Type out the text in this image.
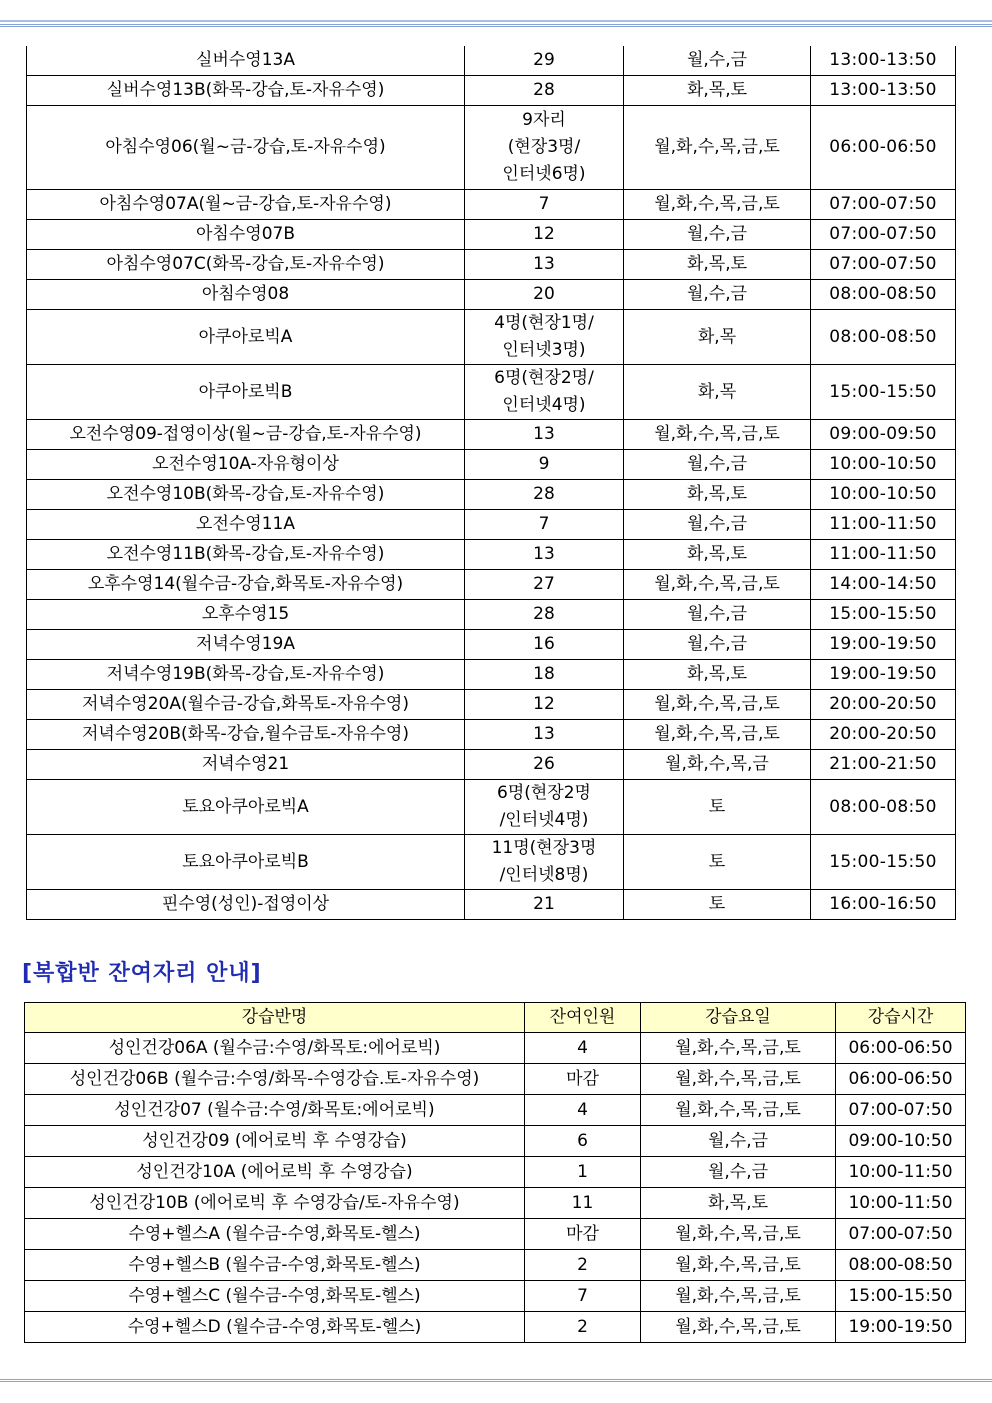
실버수영13A	29	월,수,금	13:00-13:50
실버수영13B(화목-강습,토-자유수영)	28	화,목,토	13:00-13:50
아침수영06(월~금-강습,토-자유수영)	9자리
(현장3명/
인터넷6명)	월,화,수,목,금,토	06:00-06:50
아침수영07A(월~금-강습,토-자유수영)	7	월,화,수,목,금,토	07:00-07:50
아침수영07B	12	월,수,금	07:00-07:50
아침수영07C(화목-강습,토-자유수영)	13	화,목,토	07:00-07:50
아침수영08	20	월,수,금	08:00-08:50
아쿠아로빅A	4명(현장1명/
인터넷3명)	화,목	08:00-08:50
아쿠아로빅B	6명(현장2명/
인터넷4명)	화,목	15:00-15:50
오전수영09-접영이상(월~금-강습,토-자유수영)	13	월,화,수,목,금,토	09:00-09:50
오전수영10A-자유형이상	9	월,수,금	10:00-10:50
오전수영10B(화목-강습,토-자유수영)	28	화,목,토	10:00-10:50
오전수영11A	7	월,수,금	11:00-11:50
오전수영11B(화목-강습,토-자유수영)	13	화,목,토	11:00-11:50
오후수영14(월수금-강습,화목토-자유수영)	27	월,화,수,목,금,토	14:00-14:50
오후수영15	28	월,수,금	15:00-15:50
저녁수영19A	16	월,수,금	19:00-19:50
저녁수영19B(화목-강습,토-자유수영)	18	화,목,토	19:00-19:50
저녁수영20A(월수금-강습,화목토-자유수영)	12	월,화,수,목,금,토	20:00-20:50
저녁수영20B(화목-강습,월수금토-자유수영)	13	월,화,수,목,금,토	20:00-20:50
저녁수영21	26	월,화,수,목,금	21:00-21:50
토요아쿠아로빅A	6명(현장2명
/인터넷4명)	토	08:00-08:50
토요아쿠아로빅B	11명(현장3명
/인터넷8명)	토	15:00-15:50
핀수영(성인)-접영이상	21	토	16:00-16:50
[복합반 잔여자리 안내]
강습반명	잔여인원	강습요일	강습시간
성인건강06A (월수금:수영/화목토:에어로빅)	4	월,화,수,목,금,토	06:00-06:50
성인건강06B (월수금:수영/화목-수영강습.토-자유수영)	마감	월,화,수,목,금,토	06:00-06:50
성인건강07 (월수금:수영/화목토:에어로빅)	4	월,화,수,목,금,토	07:00-07:50
성인건강09 (에어로빅 후 수영강습)	6	월,수,금	09:00-10:50
성인건강10A (에어로빅 후 수영강습)	1	월,수,금	10:00-11:50
성인건강10B (에어로빅 후 수영강습/토-자유수영)	11	화,목,토	10:00-11:50
수영+헬스A (월수금-수영,화목토-헬스)	마감	월,화,수,목,금,토	07:00-07:50
수영+헬스B (월수금-수영,화목토-헬스)	2	월,화,수,목,금,토	08:00-08:50
수영+헬스C (월수금-수영,화목토-헬스)	7	월,화,수,목,금,토	15:00-15:50
수영+헬스D (월수금-수영,화목토-헬스)	2	월,화,수,목,금,토	19:00-19:50
